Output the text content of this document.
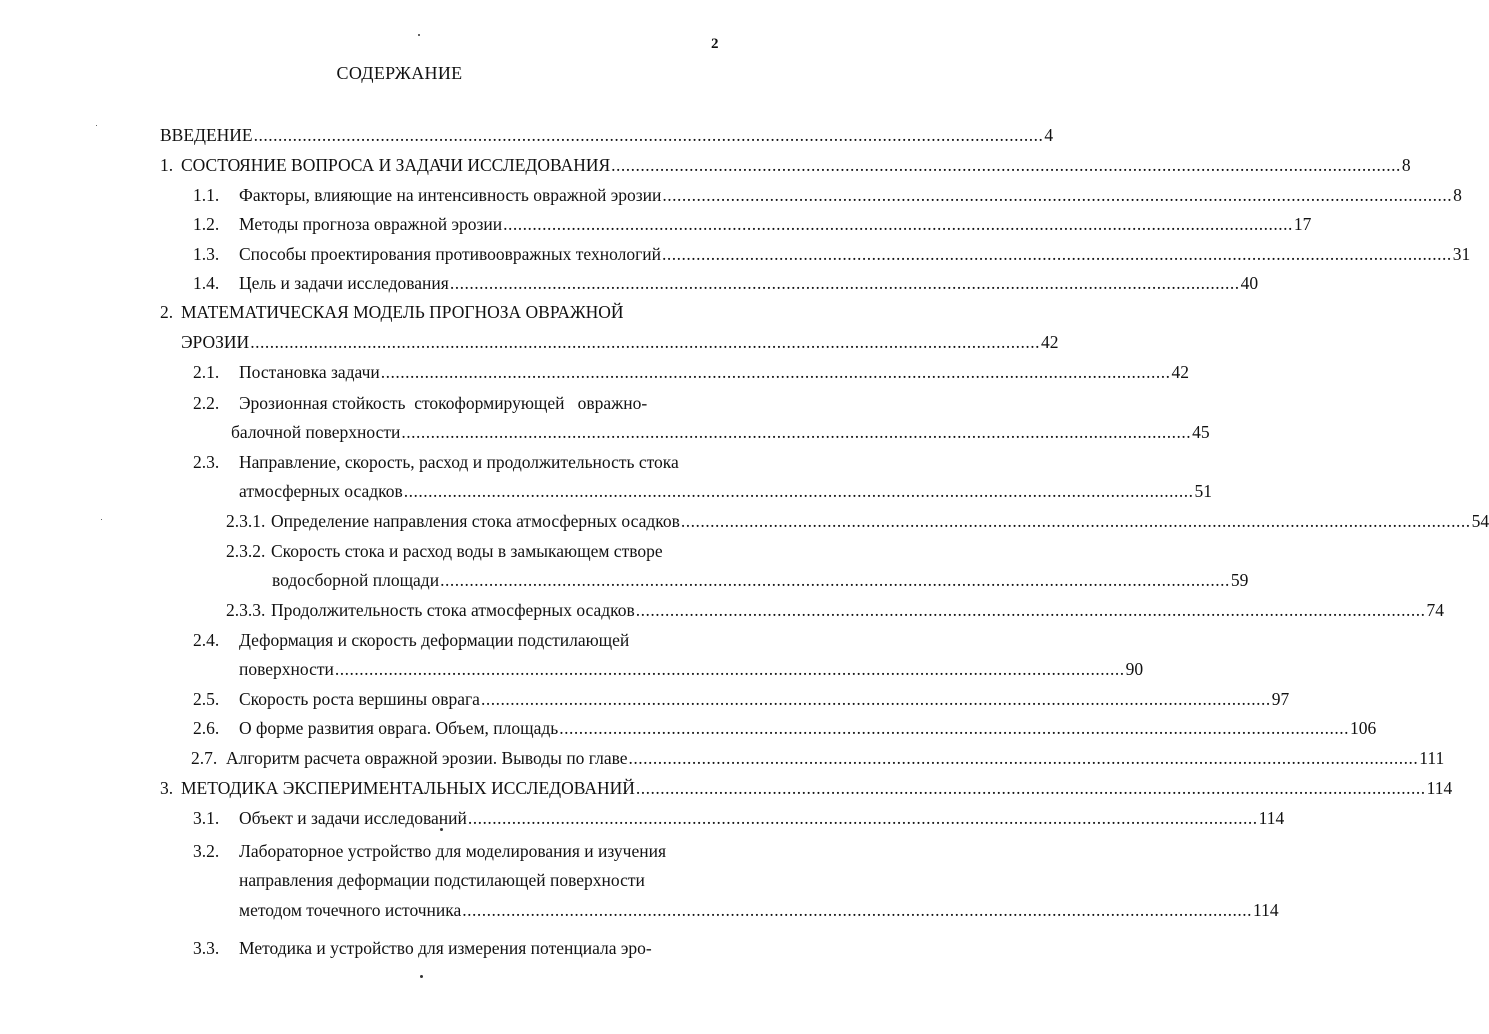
2
СОДЕРЖАНИЕ
ВВЕДЕНИЕ .................................................................................................................................................................. 4
1. СОСТОЯНИЕ ВОПРОСА И ЗАДАЧИ ИССЛЕДОВАНИЯ .................................................................................................................................................................. 8
1.1. Факторы, влияющие на интенсивность овражной эрозии .................................................................................................................................................................. 8
1.2. Методы прогноза овражной эрозии .................................................................................................................................................................. 17
1.3. Способы проектирования противоовражных технологий .................................................................................................................................................................. 31
1.4. Цель и задачи исследования .................................................................................................................................................................. 40
2. МАТЕМАТИЧЕСКАЯ МОДЕЛЬ ПРОГНОЗА ОВРАЖНОЙ
ЭРОЗИИ .................................................................................................................................................................. 42
2.1. Постановка задачи .................................................................................................................................................................. 42
2.2. Эрозионная стойкость  стокоформирующей   овражно-
балочной поверхности .................................................................................................................................................................. 45
2.3. Направление, скорость, расход и продолжительность стока
атмосферных осадков .................................................................................................................................................................. 51
2.3.1. Определение направления стока атмосферных осадков .................................................................................................................................................................. 54
2.3.2. Скорость стока и расход воды в замыкающем створе
водосборной площади .................................................................................................................................................................. 59
2.3.3. Продолжительность стока атмосферных осадков .................................................................................................................................................................. 74
2.4. Деформация и скорость деформации подстилающей
поверхности .................................................................................................................................................................. 90
2.5. Скорость роста вершины оврага .................................................................................................................................................................. 97
2.6. О форме развития оврага. Объем, площадь .................................................................................................................................................................. 106
2.7. Алгоритм расчета овражной эрозии. Выводы по главе .................................................................................................................................................................. 111
3. МЕТОДИКА ЭКСПЕРИМЕНТАЛЬНЫХ ИССЛЕДОВАНИЙ .................................................................................................................................................................. 114
3.1. Объект и задачи исследований .................................................................................................................................................................. 114
3.2. Лабораторное устройство для моделирования и изучения
направления деформации подстилающей поверхности
методом точечного источника .................................................................................................................................................................. 114
3.3. Методика и устройство для измерения потенциала эро-
